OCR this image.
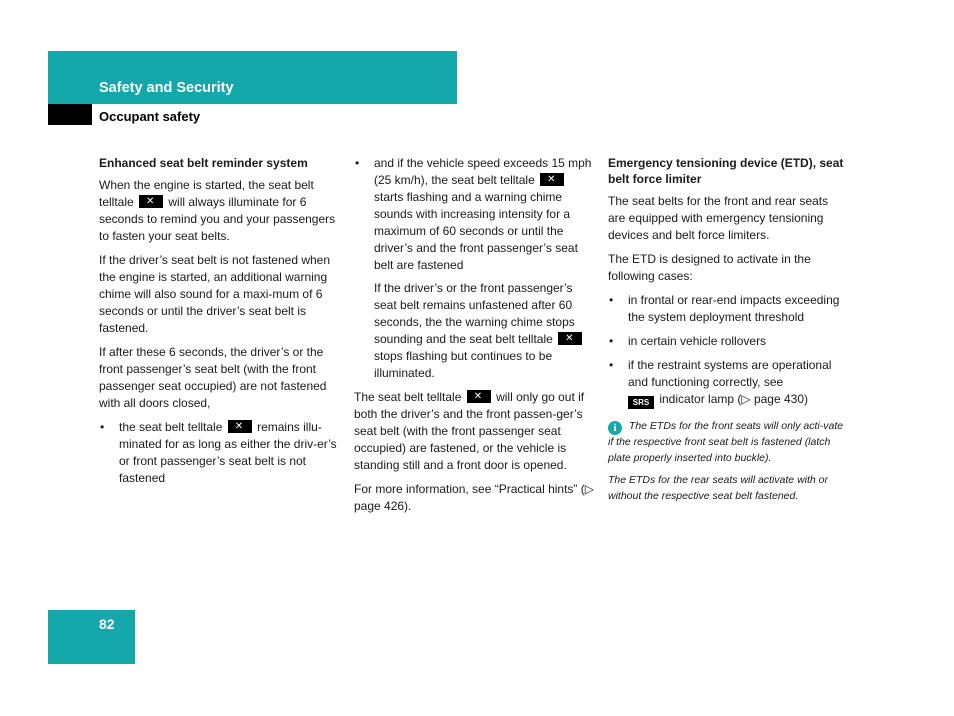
Safety and Security
Occupant safety
Enhanced seat belt reminder system

When the engine is started, the seat belt telltale ✕	will always illuminate for 6 seconds to remind you and your passengers to fasten your seat belts.

If the driver’s seat belt is not fastened when the engine is started, an additional warning chime will also sound for a maxi-mum of 6 seconds or until the driver’s seat belt is fastened.

If after these 6 seconds, the driver’s or the front passenger’s seat belt (with the front passenger seat occupied) are not fastened with all doors closed,

• the seat belt telltale ✕	remains illu-minated for as long as either the driv-er’s or front passenger’s seat belt is not fastened
• and if the vehicle speed exceeds 15 mph (25 km/h), the seat belt telltale ✕ starts flashing and a warning chime sounds with increasing intensity for a maximum of 60 seconds or until the driver’s and the front passenger’s seat belt are fastened

If the driver’s or the front passenger’s seat belt remains unfastened after 60 seconds, the the warning chime stops sounding and the seat belt telltale ✕ stops flashing but continues to be illuminated.

The seat belt telltale ✕	will only go out if both the driver’s and the front passen-ger’s seat belt (with the front passenger seat occupied) are fastened, or the vehicle is standing still and a front door is opened.

For more information, see “Practical hints” (▷ page 426).

Emergency tensioning device (ETD), seat belt force limiter

The seat belts for the front and rear seats are equipped with emergency tensioning devices and belt force limiters.

The ETD is designed to activate in the following cases:

• in frontal or rear-end impacts exceeding the system deployment threshold
• in certain vehicle rollovers
• if the restraint systems are operational and functioning correctly, see
SRS indicator lamp (▷ page 430)

i The ETDs for the front seats will only acti-vate if the respective front seat belt is fastened (latch plate properly inserted into buckle).

The ETDs for the rear seats will activate with or without the respective seat belt fastened.

82
